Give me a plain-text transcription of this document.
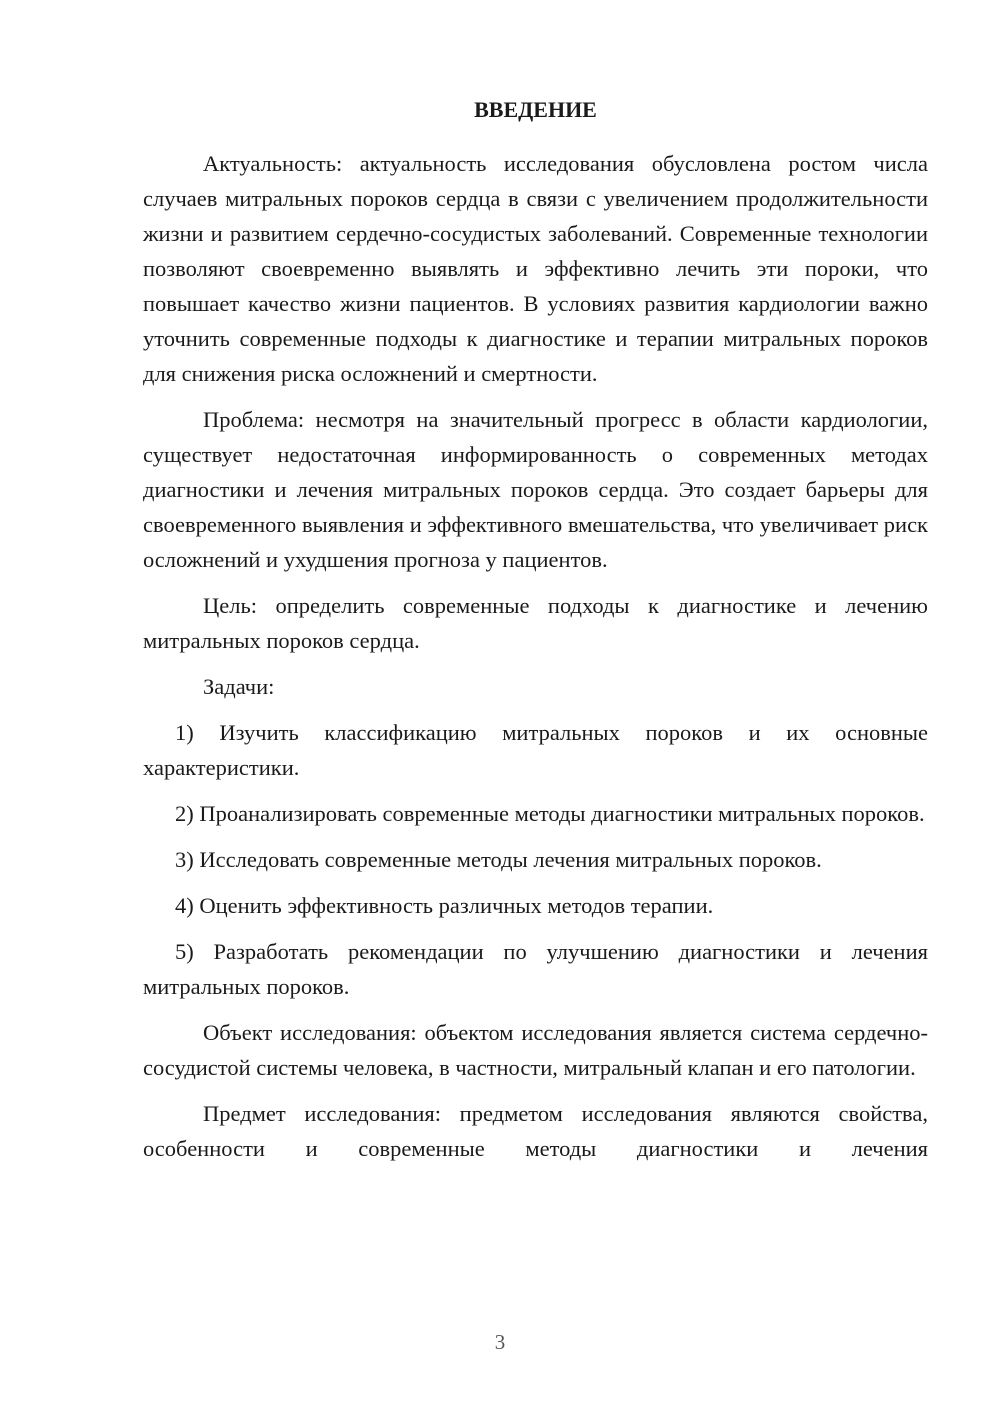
ВВЕДЕНИЕ

Актуальность: актуальность исследования обусловлена ростом числа случаев митральных пороков сердца в связи с увеличением продолжительности жизни и развитием сердечно-сосудистых заболеваний. Современные технологии позволяют своевременно выявлять и эффективно лечить эти пороки, что повышает качество жизни пациентов. В условиях развития кардиологии важно уточнить современные подходы к диагностике и терапии митральных пороков для снижения риска осложнений и смертности.

Проблема: несмотря на значительный прогресс в области кардиологии, существует недостаточная информированность о современных методах диагностики и лечения митральных пороков сердца. Это создает барьеры для своевременного выявления и эффективного вмешательства, что увеличивает риск осложнений и ухудшения прогноза у пациентов.

Цель: определить современные подходы к диагностике и лечению митральных пороков сердца.

Задачи:

1) Изучить классификацию митральных пороков и их основные характеристики.

2) Проанализировать современные методы диагностики митральных пороков.

3) Исследовать современные методы лечения митральных пороков.

4) Оценить эффективность различных методов терапии.

5) Разработать рекомендации по улучшению диагностики и лечения митральных пороков.

Объект исследования: объектом исследования является система сердечно-сосудистой системы человека, в частности, митральный клапан и его патологии.

Предмет исследования: предметом исследования являются свойства, особенности и современные методы диагностики и лечения

3
